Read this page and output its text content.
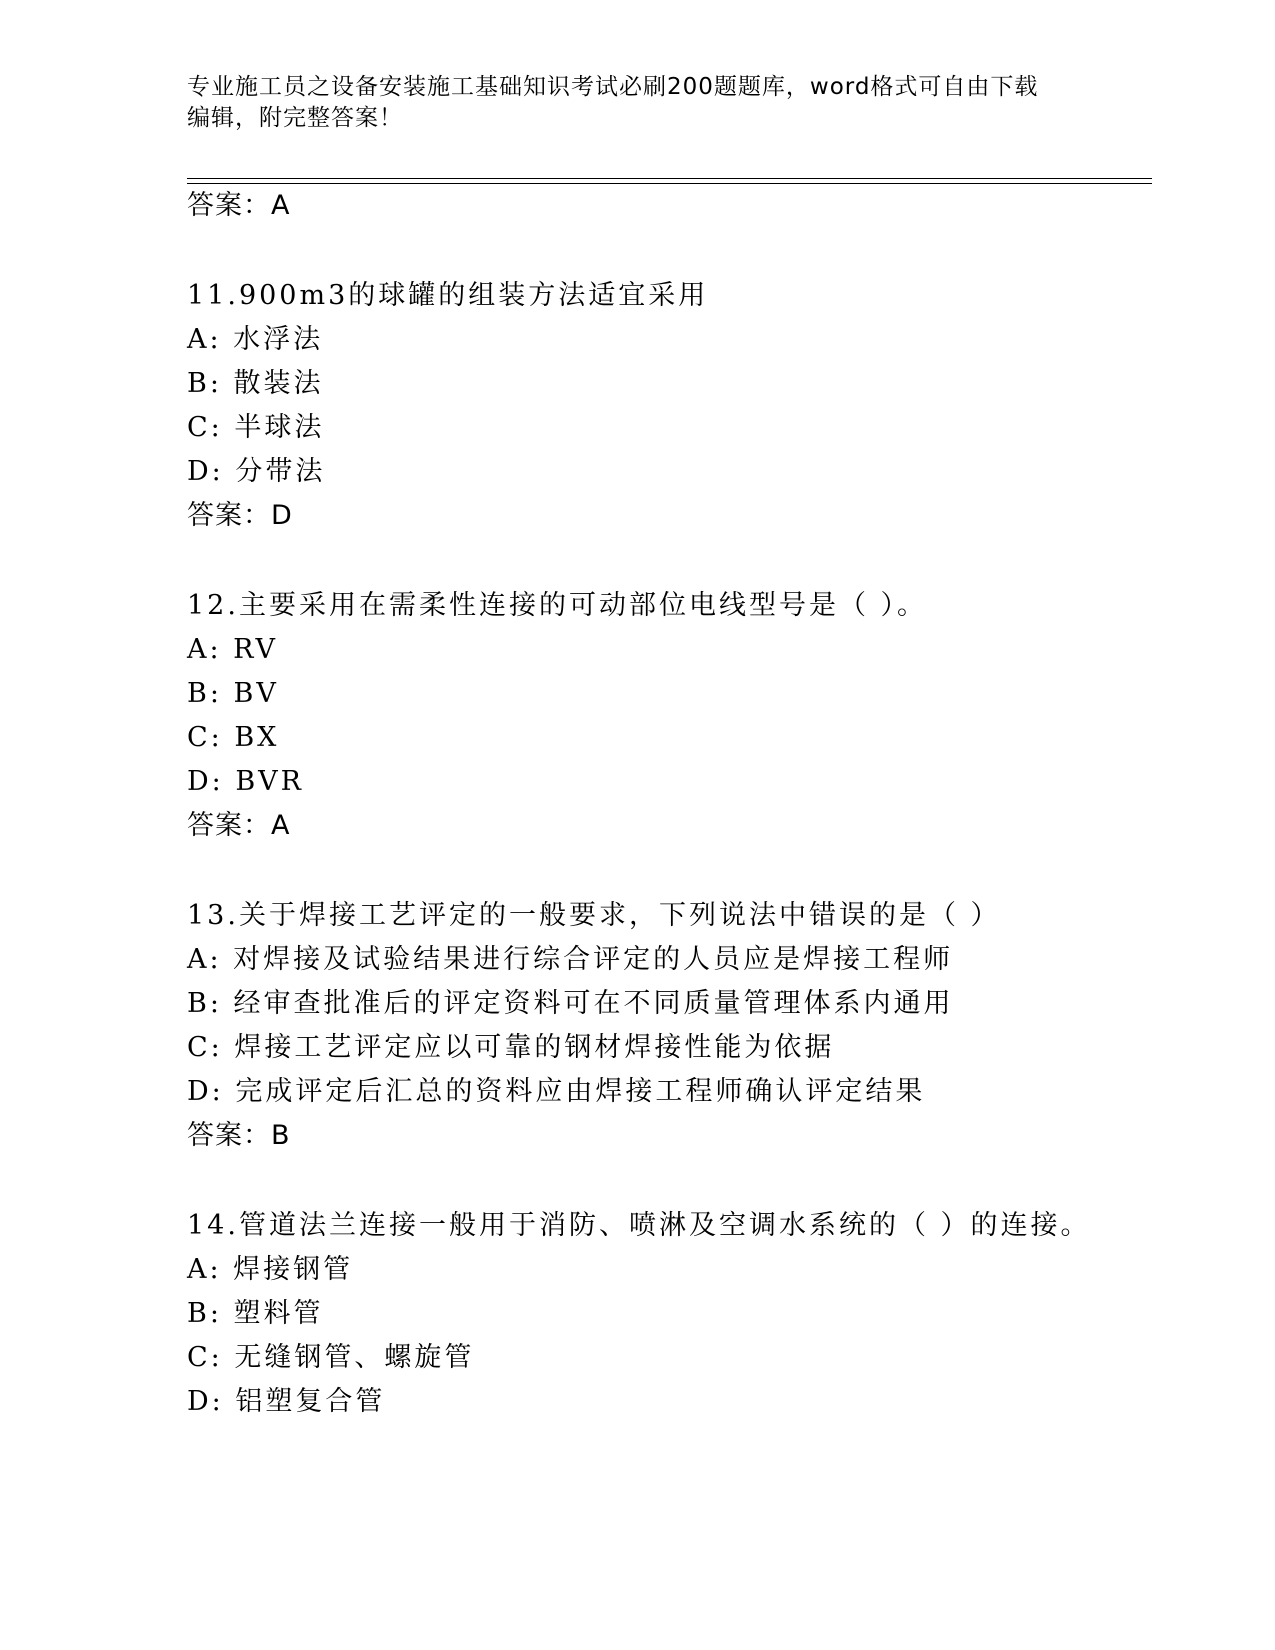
专业施工员之设备安装施工基础知识考试必刷200题题库，word格式可自由下载
编辑，附完整答案！
答案：A
11.900m3的球罐的组装方法适宜采用
A: 水浮法
B: 散装法
C: 半球法
D: 分带法
答案：D
12.主要采用在需柔性连接的可动部位电线型号是（ ）。
A: RV
B: BV
C: BX
D: BVR
答案：A
13.关于焊接工艺评定的一般要求，下列说法中错误的是（ ）
A: 对焊接及试验结果进行综合评定的人员应是焊接工程师
B: 经审查批准后的评定资料可在不同质量管理体系内通用
C: 焊接工艺评定应以可靠的钢材焊接性能为依据
D: 完成评定后汇总的资料应由焊接工程师确认评定结果
答案：B
14.管道法兰连接一般用于消防、喷淋及空调水系统的（ ）的连接。
A: 焊接钢管
B: 塑料管
C: 无缝钢管、螺旋管
D: 铝塑复合管
